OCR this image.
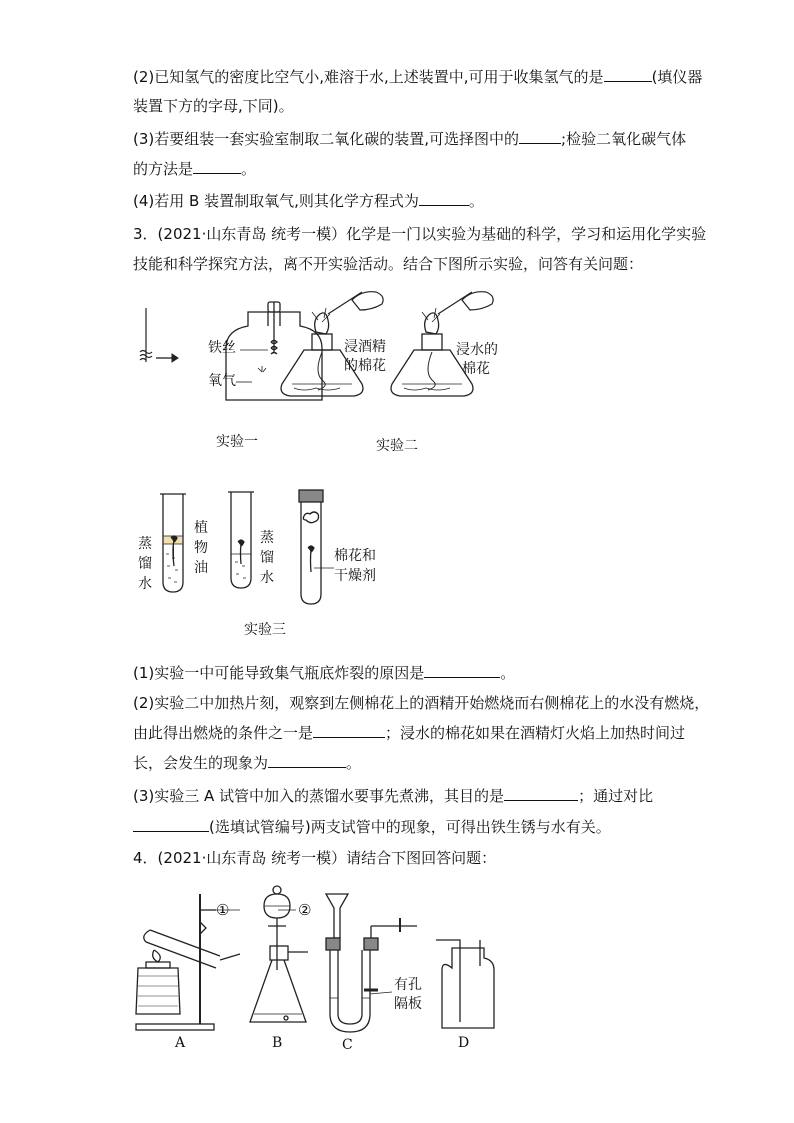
(2)已知氢气的密度比空气小,难溶于水,上述装置中,可用于收集氢气的是	(填仪器
装置下方的字母,下同)。
(3)若要组装一套实验室制取二氧化碳的装置,可选择图中的	;检验二氧化碳气体
的方法是	。
(4)若用 B 装置制取氧气,则其化学方程式为	。
3．(2021·山东青岛 统考一模）化学是一门以实验为基础的科学，学习和运用化学实验
技能和科学探究方法，离不开实验活动。结合下图所示实验，问答有关问题：
铁丝
氧气
浸酒精
的棉花
浸水的
棉花
实验一	实验二
蒸馏水
植物油
蒸馏水
棉花和
干燥剂
实验三
(1)实验一中可能导致集气瓶底炸裂的原因是	。
(2)实验二中加热片刻，观察到左侧棉花上的酒精开始燃烧而右侧棉花上的水没有燃烧，
由此得出燃烧的条件之一是	；浸水的棉花如果在酒精灯火焰上加热时间过
长，会发生的现象为	。
(3)实验三 A 试管中加入的蒸馏水要事先煮沸，其目的是	；通过对比
(选填试管编号)两支试管中的现象，可得出铁生锈与水有关。
4．(2021·山东青岛 统考一模）请结合下图回答问题：
①	②
有孔
隔板
A	B	C	D
